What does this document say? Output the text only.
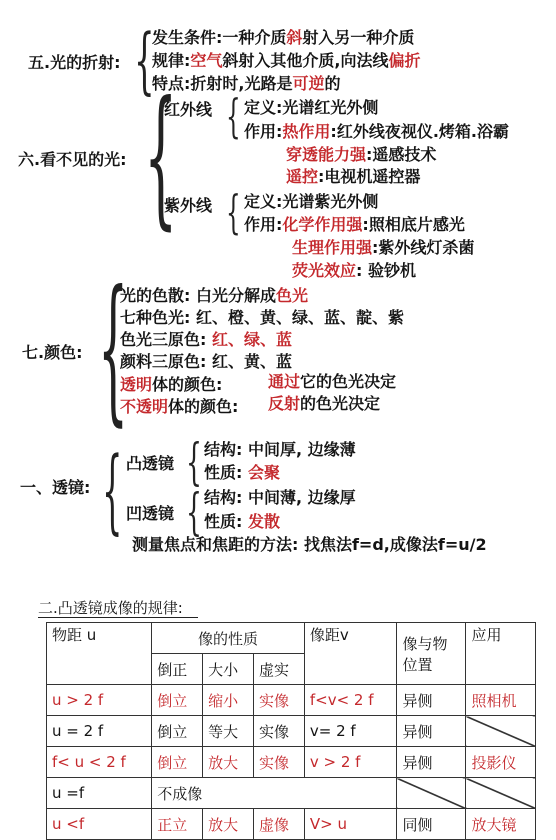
五.光的折射: {
发生条件:一种介质斜射入另一种介质
规律:空气斜射入其他介质,向法线偏折
特点:折射时,光路是可逆的
六.看不见的光: {
红外线 { 定义:光谱红光外侧
作用:热作用:红外线夜视仪.烤箱.浴霸
穿透能力强:遥感技术
遥控:电视机遥控器
紫外线 { 定义:光谱紫光外侧
作用:化学作用强:照相底片感光
生理作用强:紫外线灯杀菌
荧光效应: 验钞机
七.颜色: {
光的色散: 白光分解成色光
七种色光: 红、橙、黄、绿、蓝、靛、紫
色光三原色: 红、绿、蓝
颜料三原色: 红、黄、蓝
透明体的颜色:	通过它的色光决定
不透明体的颜色: 反射的色光决定
一、透镜: { 凸透镜 { 结构: 中间厚, 边缘薄
性质: 会聚
凹透镜 { 结构: 中间薄, 边缘厚
性质: 发散
测量焦点和焦距的方法: 找焦法f=d,成像法f=u/2
二.凸透镜成像的规律:
物距 u	像的性质			像距v	像与物位置	应用
	倒正	大小	虚实			
u > 2 f	倒立	缩小	实像	f<v< 2 f	异侧	照相机
u = 2 f	倒立	等大	实像	v= 2 f	异侧	
f< u < 2 f	倒立	放大	实像	v > 2 f	异侧	投影仪
u =f	不成像					
u <f	正立	放大	虚像	V> u	同侧	放大镜
